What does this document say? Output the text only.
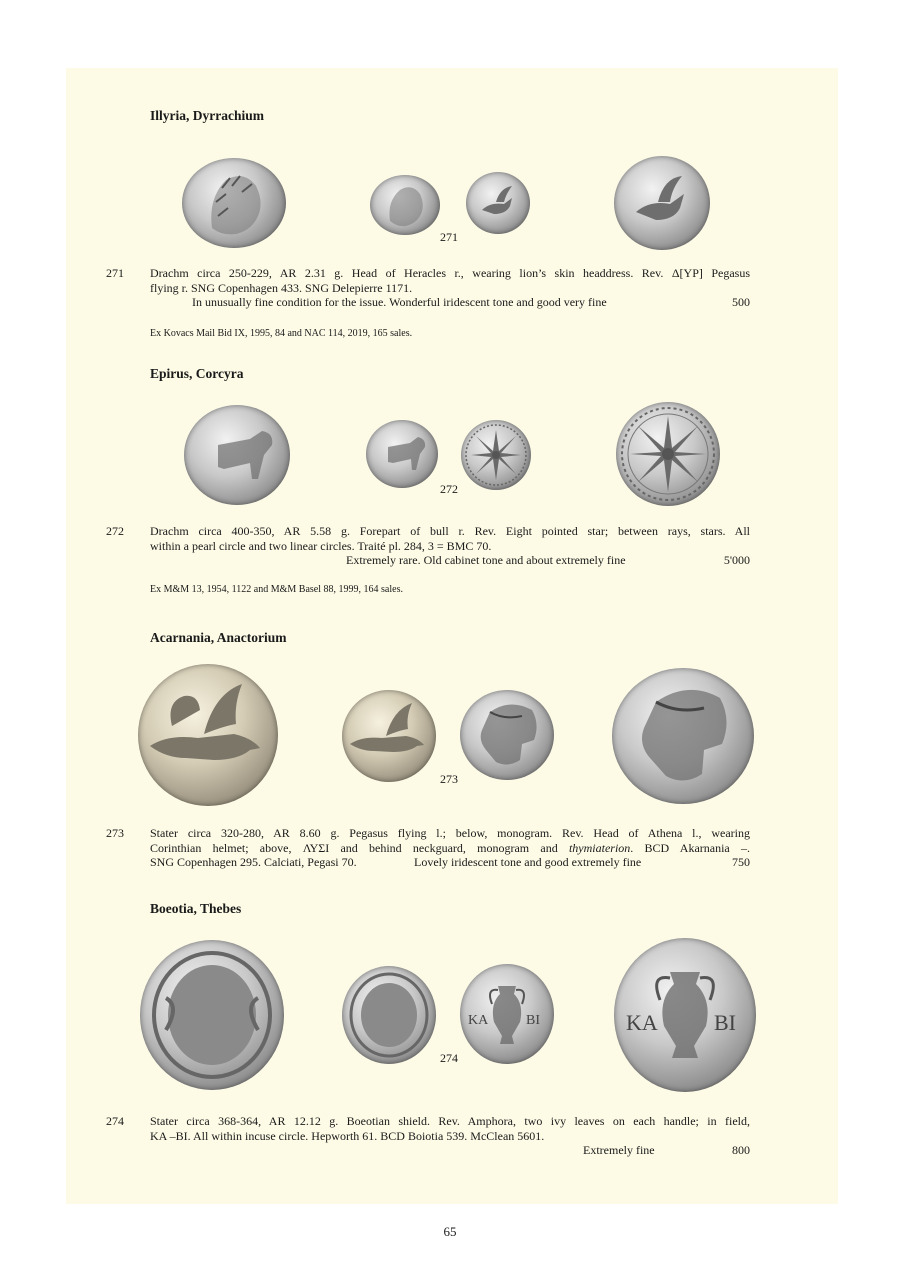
Illyria, Dyrrachium
271
271 Drachm circa 250-229, AR 2.31 g. Head of Heracles r., wearing lion’s skin headdress. Rev. Δ[ΥΡ] Pegasus
flying r. SNG Copenhagen 433. SNG Delepierre 1171.
In unusually fine condition for the issue. Wonderful iridescent tone and good very fine	500
Ex Kovacs Mail Bid IX, 1995, 84 and NAC 114, 2019, 165 sales.
Epirus, Corcyra
272
272 Drachm circa 400-350, AR 5.58 g. Forepart of bull r. Rev. Eight pointed star; between rays, stars. All
within a pearl circle and two linear circles. Traité pl. 284, 3 = BMC 70.
Extremely rare. Old cabinet tone and about extremely fine	5'000
Ex M&M 13, 1954, 1122 and M&M Basel 88, 1999, 164 sales.
Acarnania, Anactorium
273
273 Stater circa 320-280, AR 8.60 g. Pegasus flying l.; below, monogram. Rev. Head of Athena l., wearing
Corinthian helmet; above, ΛΥΣΙ and behind neckguard, monogram and thymiaterion. BCD Akarnania –.
SNG Copenhagen 295. Calciati, Pegasi 70.	Lovely iridescent tone and good extremely fine	750
Boeotia, Thebes
ΚΑ	ΒΙ	ΚΑ	ΒΙ
274
274 Stater circa 368-364, AR 12.12 g. Boeotian shield. Rev. Amphora, two ivy leaves on each handle; in field,
KA –BI. All within incuse circle. Hepworth 61. BCD Boiotia 539. McClean 5601.
Extremely fine	800
65
